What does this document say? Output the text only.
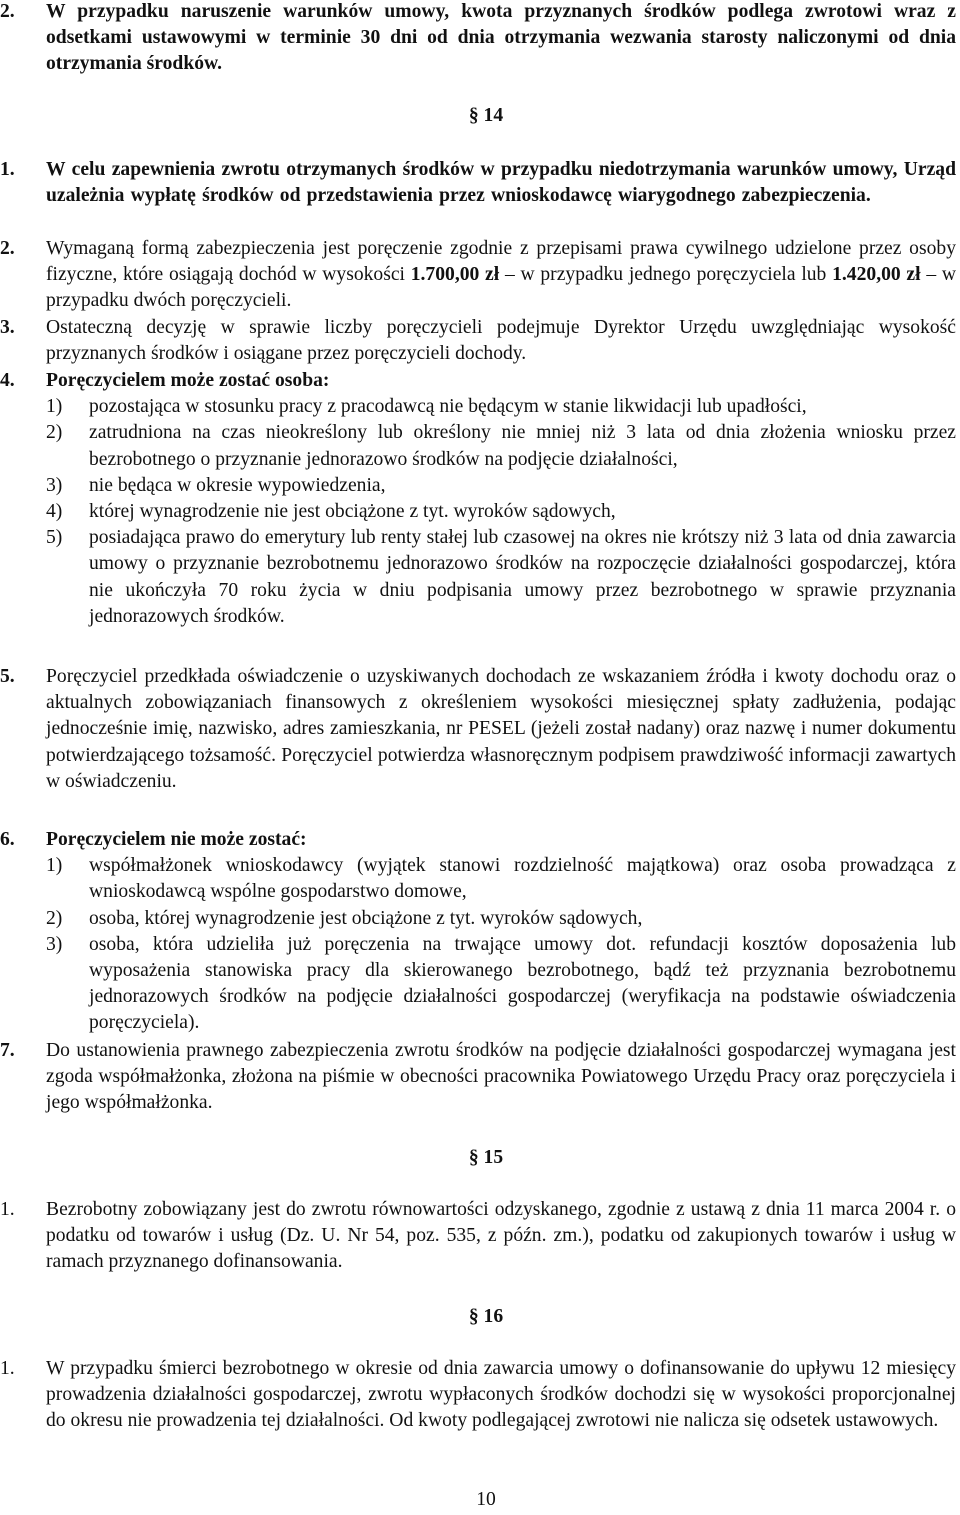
2. W przypadku naruszenie warunków umowy, kwota przyznanych środków podlega zwrotowi wraz z odsetkami ustawowymi w terminie 30 dni od dnia otrzymania wezwania starosty naliczonymi od dnia otrzymania środków.
§ 14
1. W celu zapewnienia zwrotu otrzymanych środków w przypadku niedotrzymania warunków umowy, Urząd uzależnia wypłatę środków od przedstawienia przez wnioskodawcę wiarygodnego zabezpieczenia.
2. Wymaganą formą zabezpieczenia jest poręczenie zgodnie z przepisami prawa cywilnego udzielone przez osoby fizyczne, które osiągają dochód w wysokości 1.700,00 zł – w przypadku jednego poręczyciela lub 1.420,00 zł – w przypadku dwóch poręczycieli.
3. Ostateczną decyzję w sprawie liczby poręczycieli podejmuje Dyrektor Urzędu uwzględniając wysokość przyznanych środków i osiągane przez poręczycieli dochody.
4. Poręczycielem może zostać osoba:
1) pozostająca w stosunku pracy z pracodawcą nie będącym w stanie likwidacji lub upadłości,
2) zatrudniona na czas nieokreślony lub określony nie mniej niż 3 lata od dnia złożenia wniosku przez bezrobotnego o przyznanie jednorazowo środków na podjęcie działalności,
3) nie będąca w okresie wypowiedzenia,
4) której wynagrodzenie nie jest obciążone z tyt. wyroków sądowych,
5) posiadająca prawo do emerytury lub renty stałej lub czasowej na okres nie krótszy niż 3 lata od dnia zawarcia umowy o przyznanie bezrobotnemu jednorazowo środków na rozpoczęcie działalności gospodarczej, która nie ukończyła 70 roku życia w dniu podpisania umowy przez bezrobotnego w sprawie przyznania jednorazowych środków.
5. Poręczyciel przedkłada oświadczenie o uzyskiwanych dochodach ze wskazaniem źródła i kwoty dochodu oraz o aktualnych zobowiązaniach finansowych z określeniem wysokości miesięcznej spłaty zadłużenia, podając jednocześnie imię, nazwisko, adres zamieszkania, nr PESEL (jeżeli został nadany) oraz nazwę i numer dokumentu potwierdzającego tożsamość. Poręczyciel potwierdza własnoręcznym podpisem prawdziwość informacji zawartych w oświadczeniu.
6. Poręczycielem nie może zostać:
1) współmałżonek wnioskodawcy (wyjątek stanowi rozdzielność majątkowa) oraz osoba prowadząca z wnioskodawcą wspólne gospodarstwo domowe,
2) osoba, której wynagrodzenie jest obciążone z tyt. wyroków sądowych,
3) osoba, która udzieliła już poręczenia na trwające umowy dot. refundacji kosztów doposażenia lub wyposażenia stanowiska pracy dla skierowanego bezrobotnego, bądź też przyznania bezrobotnemu jednorazowych środków na podjęcie działalności gospodarczej (weryfikacja na podstawie oświadczenia poręczyciela).
7. Do ustanowienia prawnego zabezpieczenia zwrotu środków na podjęcie działalności gospodarczej wymagana jest zgoda współmałżonka, złożona na piśmie w obecności pracownika Powiatowego Urzędu Pracy oraz poręczyciela i jego współmałżonka.
§ 15
1. Bezrobotny zobowiązany jest do zwrotu równowartości odzyskanego, zgodnie z ustawą z dnia 11 marca 2004 r. o podatku od towarów i usług (Dz. U. Nr 54, poz. 535, z późn. zm.), podatku od zakupionych towarów i usług w ramach przyznanego dofinansowania.
§ 16
1. W przypadku śmierci bezrobotnego w okresie od dnia zawarcia umowy o dofinansowanie do upływu 12 miesięcy prowadzenia działalności gospodarczej, zwrotu wypłaconych środków dochodzi się w wysokości proporcjonalnej do okresu nie prowadzenia tej działalności. Od kwoty podlegającej zwrotowi nie nalicza się odsetek ustawowych.
10
